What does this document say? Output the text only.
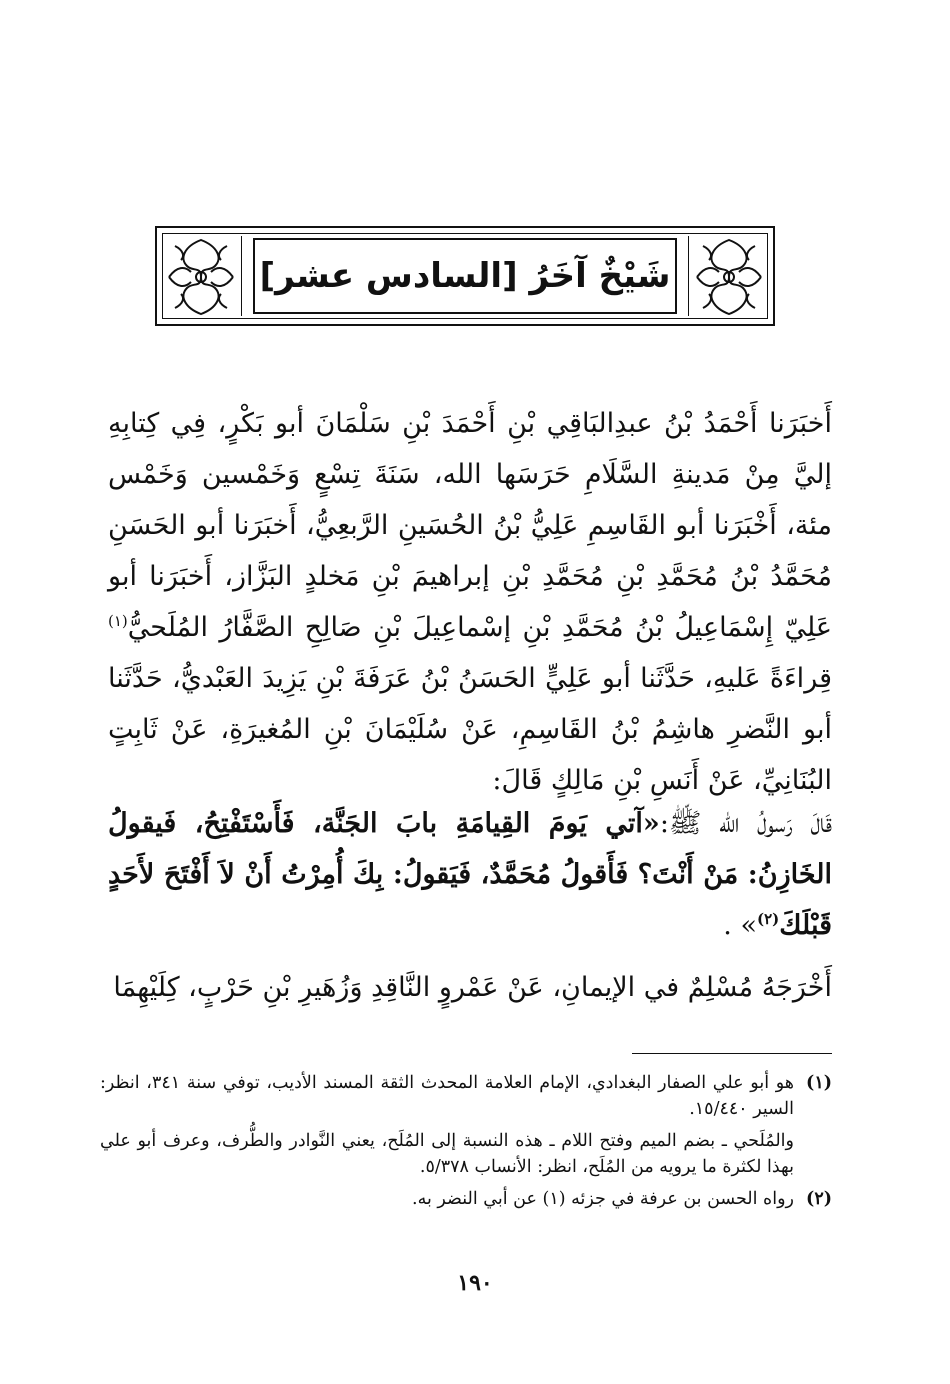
شَيْخٌ آخَرُ [السادس عشر]

أَخبَرَنا أَحْمَدُ بْنُ عبدِالبَاقِي بْنِ أَحْمَدَ بْنِ سَلْمَانَ أبو بَكْرٍ، فِي كِتابِهِ إليَّ مِنْ مَدينةِ السَّلَامِ حَرَسَها الله، سَنَةَ تِسْعٍ وَخَمْسين وَخَمْس مئة، أَخْبَرَنا أبو القَاسِمِ عَلِيُّ بْنُ الحُسَينِ الرَّبعِيُّ، أَخبَرَنا أبو الحَسَنِ مُحَمَّدُ بْنُ مُحَمَّدِ بْنِ مُحَمَّدِ بْنِ إبراهيمَ بْنِ مَخلدٍ البَزَّاز، أَخبَرَنا أبو عَلِيّ إِسْمَاعِيلُ بْنُ مُحَمَّدِ بْنِ إسْماعِيلَ بْنِ صَالِحِ الصَّفَّارُ المُلَحيُّ$^{(١)}$ قِراءَةً عَليهِ، حَدَّثَنا أبو عَلِيٍّ الحَسَنُ بْنُ عَرَفَةَ بْنِ يَزِيدَ العَبْديُّ، حَدَّثَنا أبو النَّضرِ هاشِمُ بْنُ القَاسِمِ، عَنْ سُلَيْمَانَ بْنِ المُغيرَةِ، عَنْ ثَابِتٍ البُنَانِيِّ، عَنْ أَنَسِ بْنِ مَالِكٍ قَالَ:

قَالَ رَسولُ الله ﷺ:«آتي يَومَ القِيامَةِ بابَ الجَنَّة، فَأَسْتَفْتِحُ، فَيقولُ الخَازِنُ: مَنْ أَنْتَ؟ فَأَقولُ مُحَمَّدٌ، فَيَقولُ: بِكَ أُمِرْتُ أَنْ لاَ أَفْتَحَ لأَحَدٍ قَبْلَكَ$^{(٢)}$» .

أَخْرَجَهُ مُسْلِمٌ في الإيمانِ، عَنْ عَمْروٍ النَّاقِدِ وَزُهَيرِ بْنِ حَرْبٍ، كِلَيْهِمَا

(١)
هو أبو علي الصفار البغدادي، الإمام العلامة المحدث الثقة المسند الأديب، توفي سنة ٣٤١، انظر: السير ١٥/٤٤٠.

والمُلَحي ـ بضم الميم وفتح اللام ـ هذه النسبة إلى المُلَح، يعني النَّوادر والطُّرف، وعرف أبو علي بهذا لكثرة ما يرويه من المُلَح، انظر: الأنساب ٥/٣٧٨.

(٢)
رواه الحسن بن عرفة في جزئه (١) عن أبي النضر به.
١٩٠
